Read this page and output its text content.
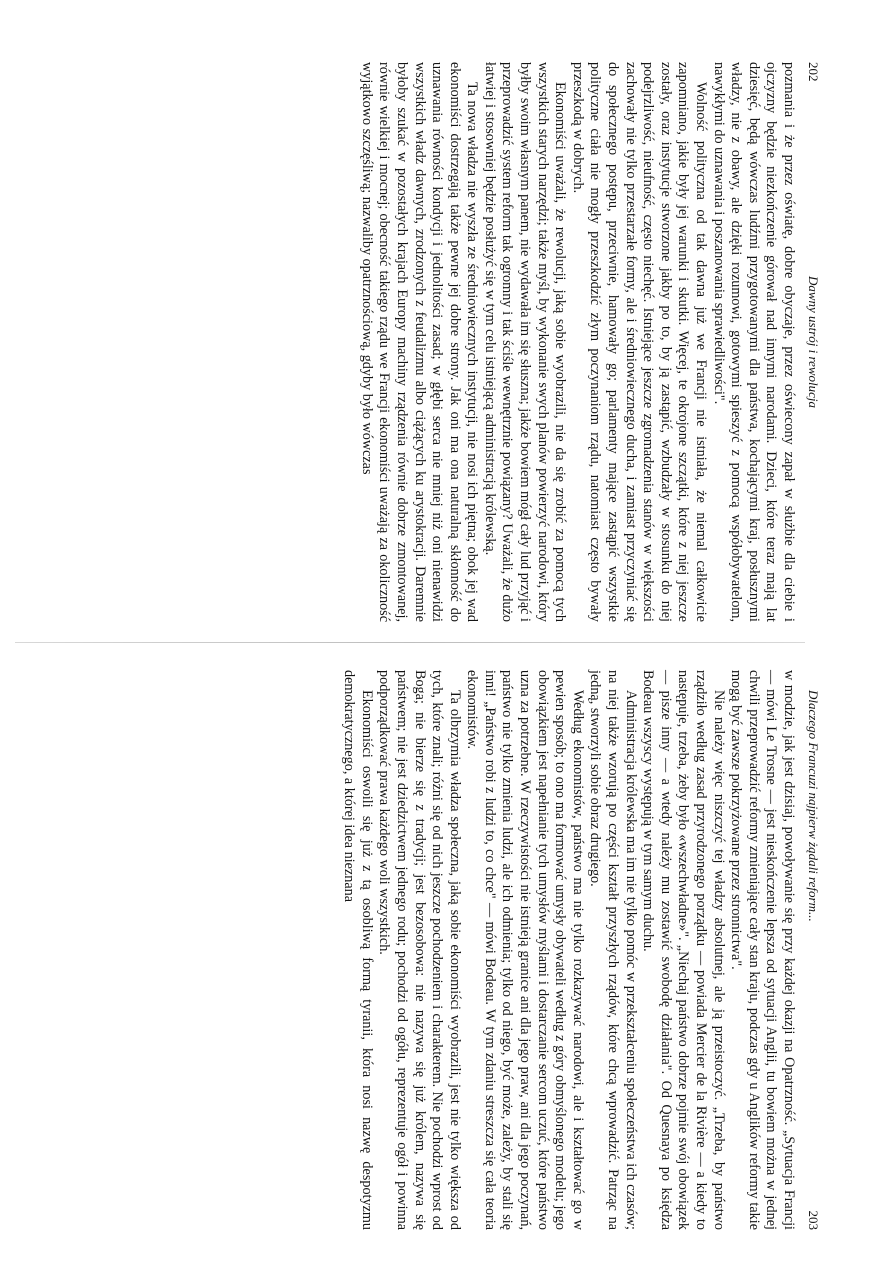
202
Dawny ustrój i rewolucja

pozmania i że przez oświatę, dobre obyczaje, przez oświecony zapał w służbie dla ciebie i ojczyzny będzie niezkończenie górował nad innymi narodami. Dzieci, które teraz mają lat dziesięć, będą wówczas ludźmi przygotowanymi dla państwa, kochającymi kraj, posłusznymi władzy, nie z obawy, ale dzięki rozumowi, gotowymi spieszyć z pomocą współobywatelom, nawykłymi do uznawania i poszanowania sprawiedliwości".

Wolność polityczna od tak dawna już we Francji nie istniała, że niemal całkowicie zapomniano, jakie były jej warunki i skutki. Więcej, te okrojone szczątki, które z niej jeszcze zostały, oraz instytucje stworzone jakby po to, by ją zastąpić, wzbudzały w stosunku do niej podejrzliwość, nieufność, często niechęć. Istniejące jeszcze zgromadzenia stanów w większości zachowały nie tylko przestarzałe formy, ale i średniowiecznego ducha, i zamiast przyczyniać się do społecznego postępu, przeciwnie, hamowały go; parlamenty mające zastąpić wszystkie polityczne ciała nie mogły przeszkodzić złym poczynaniom rządu, natomiast często bywały przeszkodą w dobrych.

Ekonomiści uważali, że rewolucji, jaką sobie wyobrazili, nie da się zrobić za pomocą tych wszystkich starych narzędzi; także myśl, by wykonanie swych planów powierzyć narodowi, który byłby swoim własnym panem, nie wydawała im się słuszna; jakże bowiem mógł cały lud przyjąć i przeprowadzić system reform tak ogromny i tak ściśle wewnętrznie powiązany? Uważali, że dużo łatwiej i stosowniej będzie posłużyć się w tym celu istniejącą administracją królewską.

Ta nowa władza nie wyszła ze średniowiecznych instytucji, nie nosi ich piętna; obok jej wad ekonomiści dostrzegają także pewne jej dobre strony. Jak oni ma ona naturalną skłonność do uznawania równości kondycji i jednolitości zasad; w głębi serca nie mniej niż oni nienawidzi wszystkich władz dawnych, zrodzonych z feudalizmu albo ciążących ku arystokracji. Daremnie byłoby szukać w pozostałych krajach Europy machiny rządzenia równie dobrze zmontowanej, równie wielkiej i mocnej; obecność takiego rządu we Francji ekonomiści uważają za okoliczność wyjątkowo szczęśliwą; nazwaliby opatrznościową, gdyby było wówczas

Dlaczego Francuzi najpierw żądali reform...
203

w modzie, jak jest dzisiaj, powoływanie się przy każdej okazji na Opatrzność. „Sytuacja Francji — mówi Le Trosne — jest nieskończenie lepsza od sytuacji Anglii, tu bowiem można w jednej chwili przeprowadzić reformy zmieniające cały stan kraju, podczas gdy u Anglików reformy takie mogą być zawsze pokrzyżowane przez stronnictwa".

Nie należy więc niszczyć tej władzy absolutnej, ale ją przeistoczyć. „Trzeba, by państwo rządziło według zasad przyrodzonego porządku — powiada Mercier de la Rivière — a kiedy to następuje, trzeba, żeby było «wszechwładne»". „Niechaj państwo dobrze pojmie swój obowiązek — pisze inny — a wtedy należy mu zostawić swobodę działania". Od Quesnaya po księdza Bodeau wszyscy występują w tym samym duchu.

Administracja królewska ma im nie tylko pomóc w przekształceniu społeczeństwa ich czasów; na niej także wzorują po części kształt przyszłych rządów, które chcą wprowadzić. Patrząc na jedną, stworzyli sobie obraz drugiego.

Według ekonomistów, państwo ma nie tylko rozkazywać narodowi, ale i kształtować go w pewien sposób; to ono ma formować umysły obywateli według z góry obmyślonego modelu; jego obowiązkiem jest napełnianie tych umysłów myślami i dostarczanie sercom uczuć, które państwo uzna za potrzebne. W rzeczywistości nie istnieją granice ani dla jego praw, ani dla jego poczynań, państwo nie tylko zmienia ludzi, ale ich odmienia; tylko od niego, być może, zależy, by stali się inni! „Państwo robi z ludzi to, co chce" — mówi Bodeau. W tym zdaniu streszcza się cała teoria ekonomistów.

Ta olbrzymia władza społeczna, jaką sobie ekonomiści wyobrazili, jest nie tylko większa od tych, które znali; różni się od nich jeszcze pochodzeniem i charakterem. Nie pochodzi wprost od Boga; nie bierze się z tradycji; jest bezosobowa: nie nazywa się już królem, nazywa się państwem; nie jest dziedzictwem jednego rodu; pochodzi od ogółu, reprezentuje ogół i powinna podporządkować prawa każdego woli wszystkich.

Ekonomiści oswoili się już z tą osobliwą formą tyranii, która nosi nazwę despotyzmu demokratycznego, a której idea nieznana
